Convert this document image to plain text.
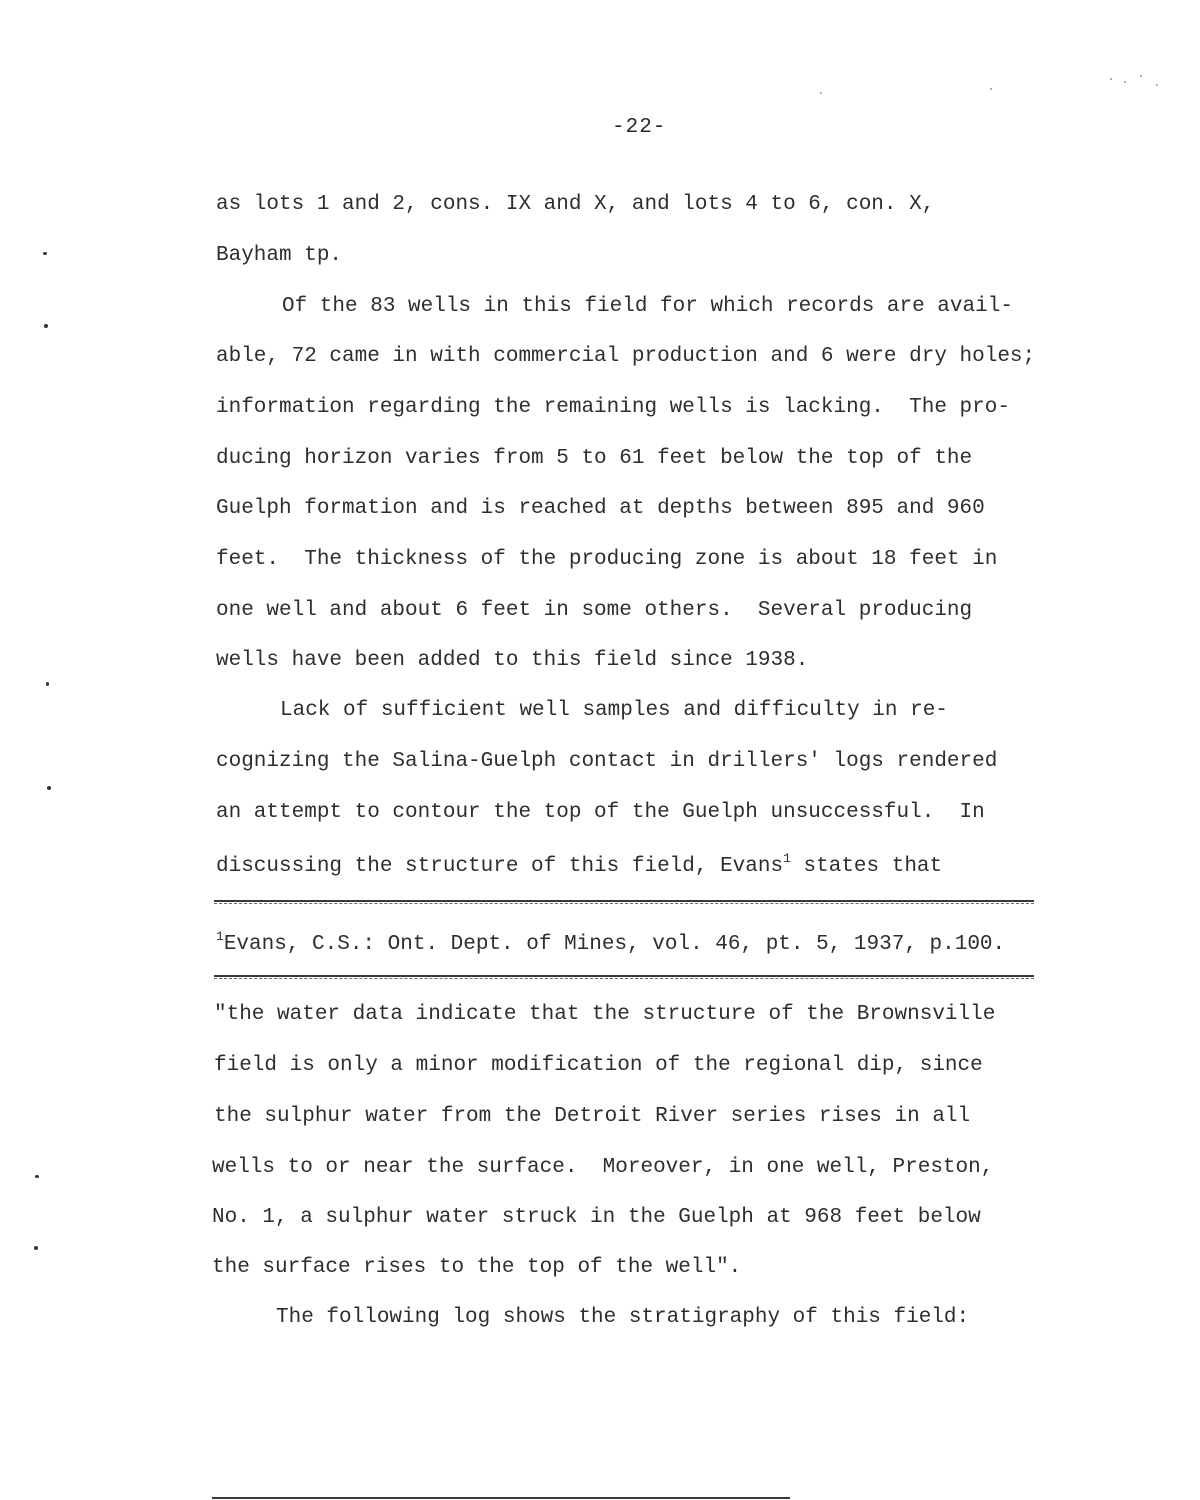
-22-
as lots 1 and 2, cons. IX and X, and lots 4 to 6, con. X,
Bayham tp.
Of the 83 wells in this field for which records are avail-
able, 72 came in with commercial production and 6 were dry holes;
information regarding the remaining wells is lacking.  The pro-
ducing horizon varies from 5 to 61 feet below the top of the
Guelph formation and is reached at depths between 895 and 960
feet.  The thickness of the producing zone is about 18 feet in
one well and about 6 feet in some others.  Several producing
wells have been added to this field since 1938.
Lack of sufficient well samples and difficulty in re-
cognizing the Salina-Guelph contact in drillers' logs rendered
an attempt to contour the top of the Guelph unsuccessful.  In
discussing the structure of this field, Evans$^1$ states that
$^1$Evans, C.S.: Ont. Dept. of Mines, vol. 46, pt. 5, 1937, p.100.
"the water data indicate that the structure of the Brownsville
field is only a minor modification of the regional dip, since
the sulphur water from the Detroit River series rises in all
wells to or near the surface.  Moreover, in one well, Preston,
No. 1, a sulphur water struck in the Guelph at 968 feet below
the surface rises to the top of the well".
The following log shows the stratigraphy of this field:
